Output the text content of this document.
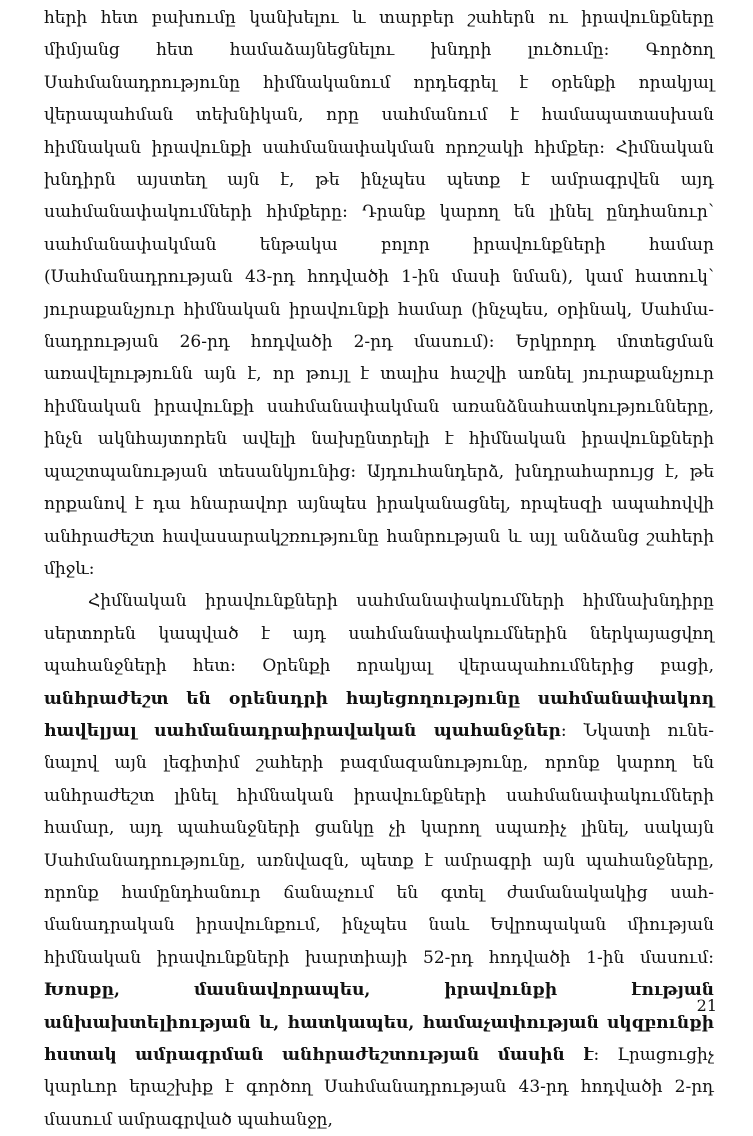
հերի հետ բախումը կանխելու և տարբեր շահերն ու իրավունքները միմյանց հետ համաձայնեցնելու խնդրի լուծումը։ Գործող Սահմանադրությունը հիմնականում որդեգրել է օրենքի որակյալ վերապահման տեխնիկան, որը սահմանում է համապատասխան հիմնական իրավունքի սահմանափակման որոշակի հիմքեր։ Հիմնական խնդիրն այստեղ այն է, թե ինչպես պետք է ամրագրվեն այդ սահմանափակումների հիմքերը։ Դրանք կարող են լինել ընդհանուր՝ սահմանափակման ենթակա բոլոր իրավունքների համար (Սահմանադրության 43-րդ հոդվածի 1-ին մասի նման), կամ հատուկ՝ յուրաքանչյուր հիմնական իրավունքի համար (ինչպես, օրինակ, Սահմանադրության 26-րդ հոդվածի 2-րդ մասում)։ Երկրորդ մոտեցման առավելությունն այն է, որ թույլ է տալիս հաշվի առնել յուրաքանչյուր հիմնական իրավունքի սահմանափակման առանձնահատկությունները, ինչն ակնհայտորեն ավելի նախընտրելի է հիմնական իրավունքների պաշտպանության տեսանկյունից։ Այդուհանդերձ, խնդրահարույց է, թե որքանով է դա հնարավոր այնպես իրականացնել, որպեսզի ապահովվի անհրաժեշտ հավասարակշռությունը հանրության և այլ անձանց շահերի միջև։

Հիմնական իրավունքների սահմանափակումների հիմնախնդիրը սերտորեն կապված է այդ սահմանափակումներին ներկայացվող պահանջների հետ։ Օրենքի որակյալ վերապահումներից բացի, անհրաժեշտ են օրենսդրի հայեցողությունը սահմանափակող հավելյալ սահմանադրաիրավական պահանջներ։ Նկատի ունենալով այն լեգիտիմ շահերի բազմազանությունը, որոնք կարող են անհրաժեշտ լինել հիմնական իրավունքների սահմանափակումների համար, այդ պահանջների ցանկը չի կարող սպառիչ լինել, սակայն Սահմանադրությունը, առնվազն, պետք է ամրագրի այն պահանջները, որոնք համընդհանուր ճանաչում են գտել ժամանակակից սահմանադրական իրավունքում, ինչպես նաև Եվրոպական միության հիմնական իրավունքների խարտիայի 52-րդ հոդվածի 1-ին մասում։ Խոսքը, մասնավորապես, իրավունքի էության անխախտելիության և, հատկապես, համաչափության սկզբունքի հստակ ամրագրման անհրաժեշտության մասին է։ Լրացուցիչ կարևոր երաշխիք է գործող Սահմանադրության 43-րդ հոդվածի 2-րդ մասում ամրագրված պահանջը,

21
